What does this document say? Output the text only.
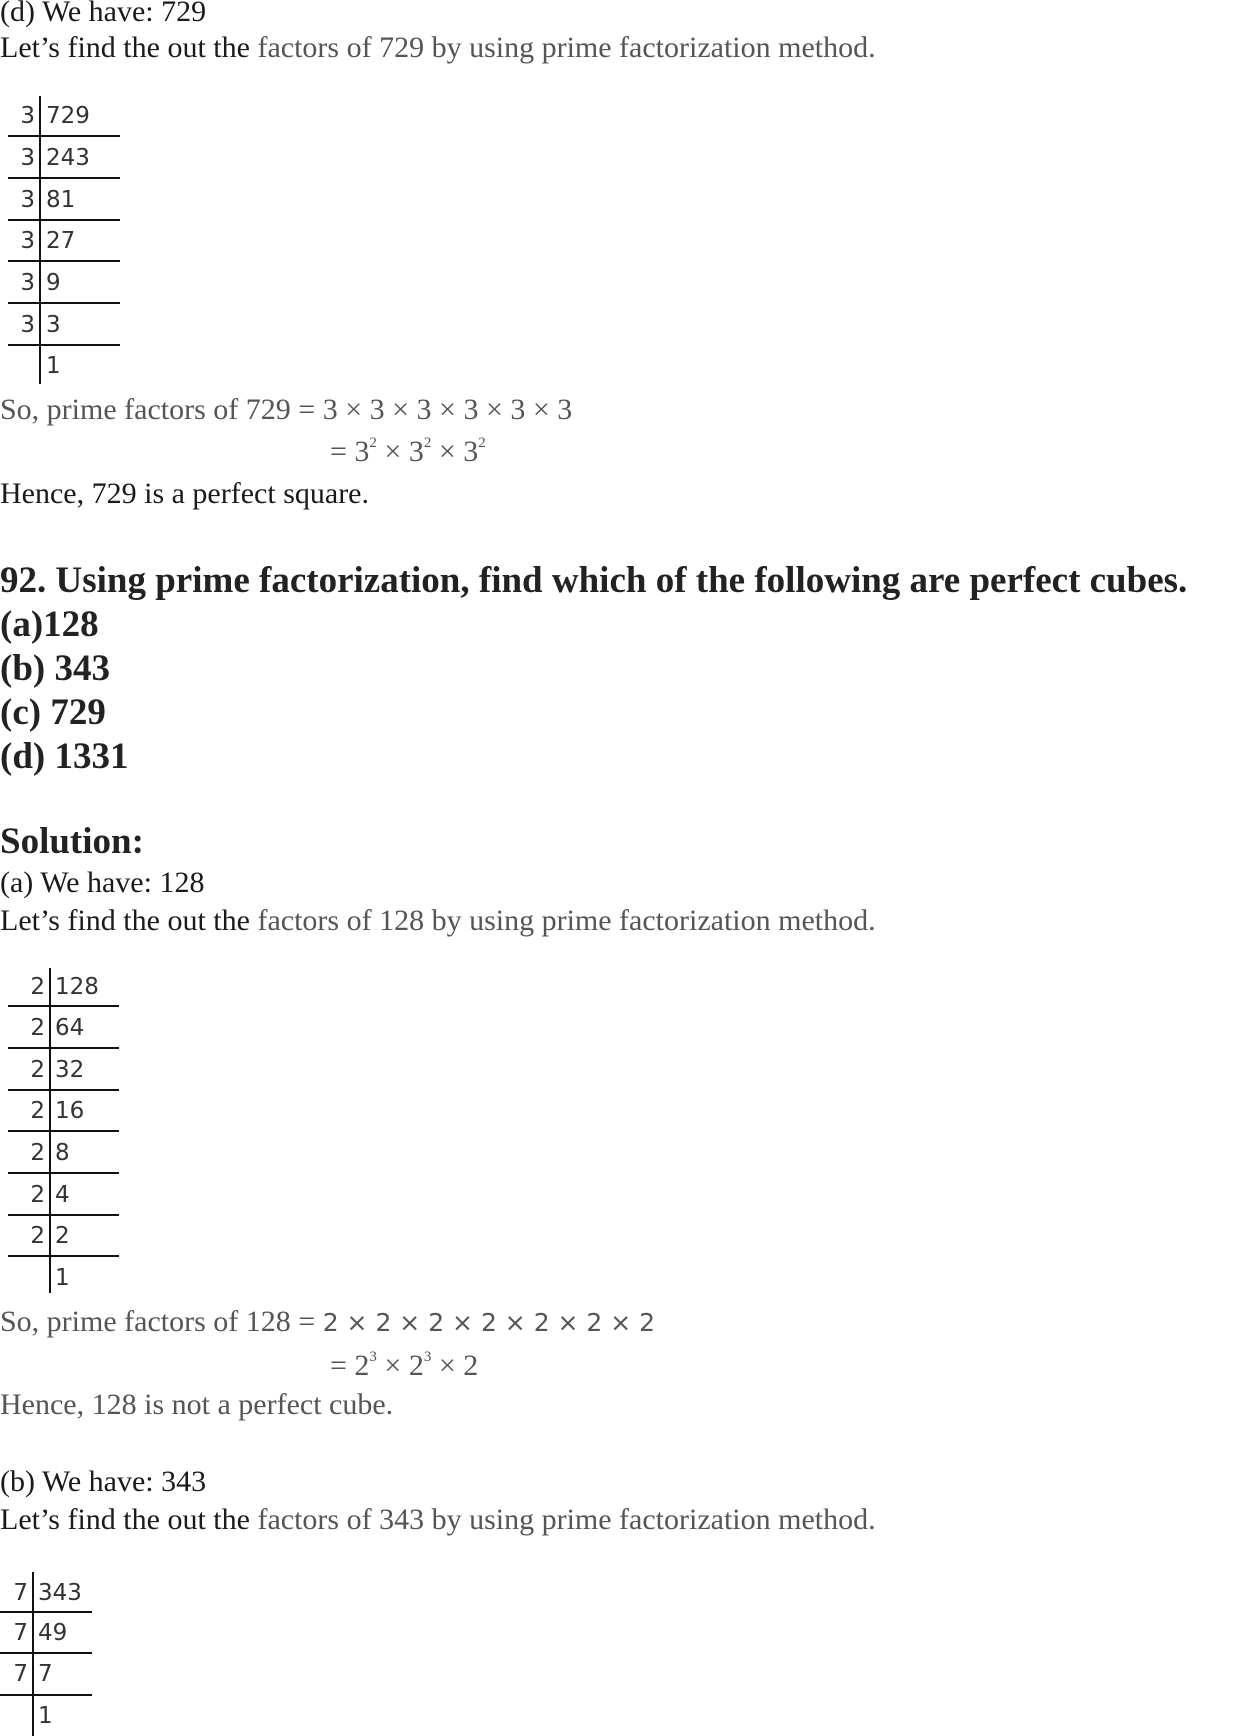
(d) We have: 729
Let’s find the out the factors of 729 by using prime factorization method.
3
3
3
3
3
3
729
243
81
27
9
3
1
So, prime factors of 729 = 3 × 3 × 3 × 3 × 3 × 3
= $3^2 \times 3^2 \times 3^2$
Hence, 729 is a perfect square.
92. Using prime factorization, find which of the following are perfect cubes.
(a)128
(b) 343
(c) 729
(d) 1331
Solution:
(a) We have: 128
Let’s find the out the factors of 128 by using prime factorization method.
2
2
2
2
2
2
2
128
64
32
16
8
4
2
1
So, prime factors of 128 = 2 × 2 × 2 × 2 × 2 × 2 × 2
= $2^3 \times 2^3 \times 2$
Hence, 128 is not a perfect cube.
(b) We have: 343
Let’s find the out the factors of 343 by using prime factorization method.
7
7
7
343
49
7
1
